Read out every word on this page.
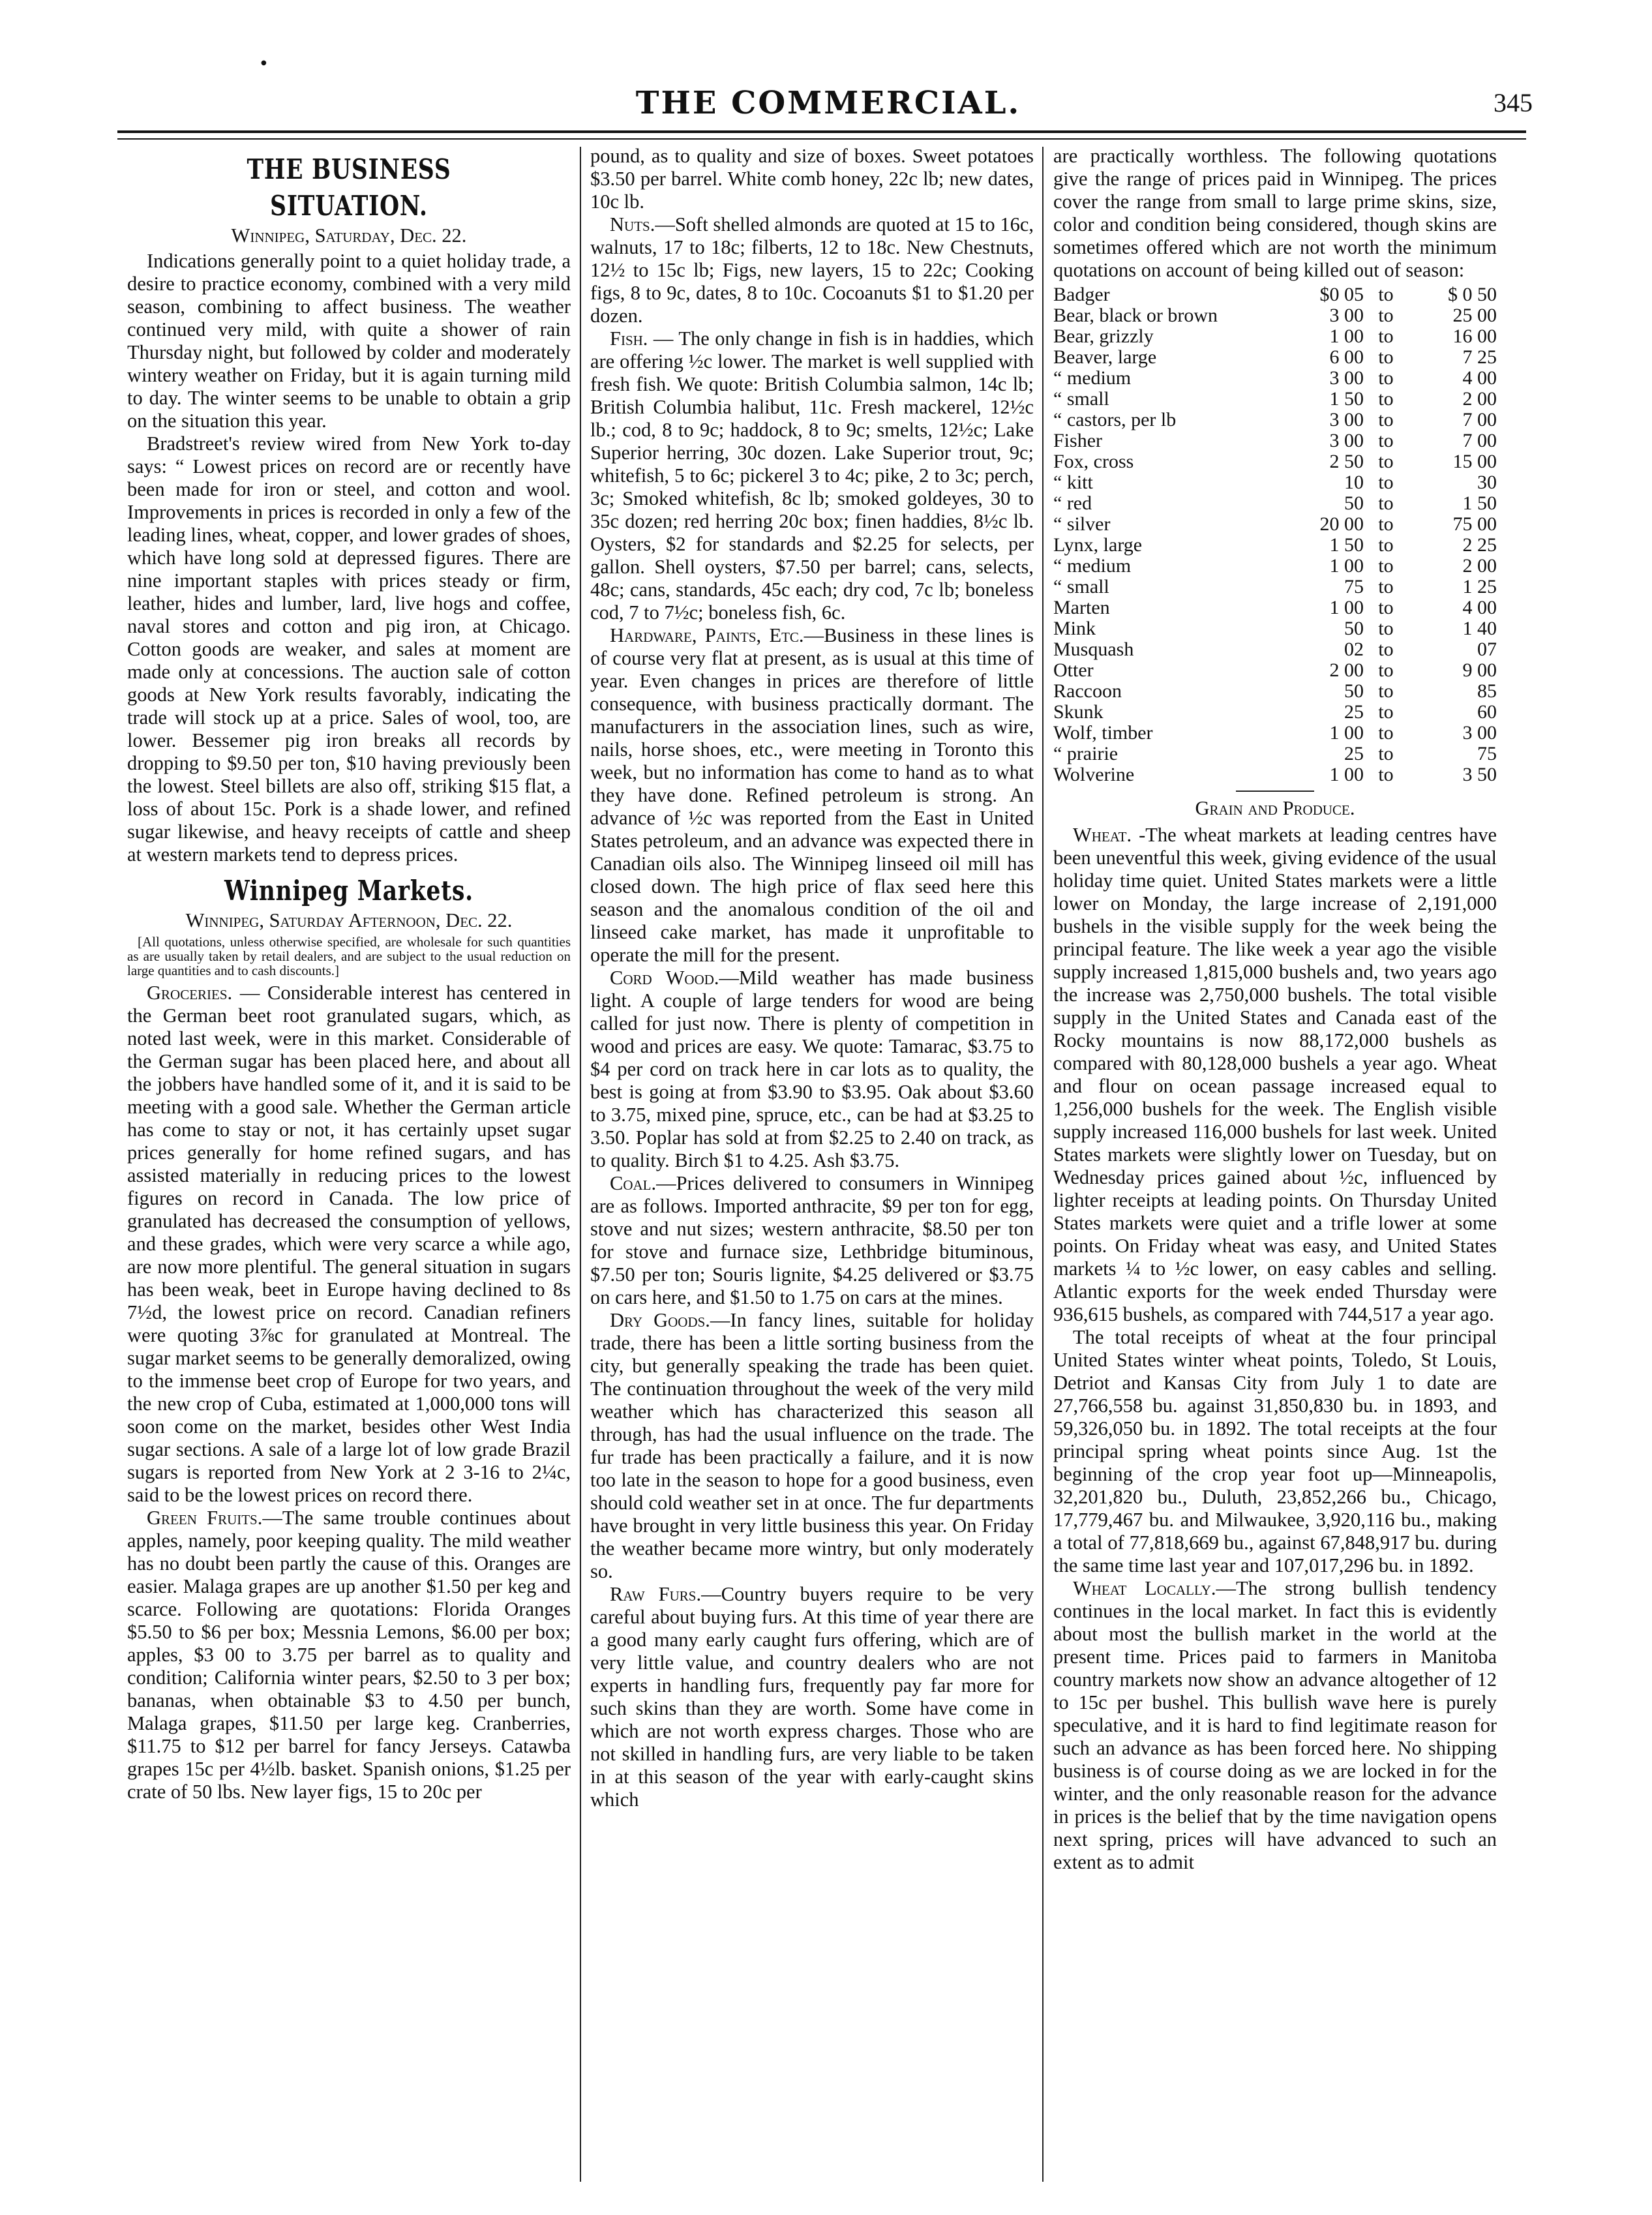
●
THE COMMERCIAL.	345

THE BUSINESS SITUATION.

Winnipeg, Saturday, Dec. 22.

Indications generally point to a quiet holiday trade, a desire to practice economy, combined with a very mild season, combining to affect business. The weather continued very mild, with quite a shower of rain Thursday night, but followed by colder and moderately wintery weather on Friday, but it is again turning mild to day. The winter seems to be unable to obtain a grip on the situation this year.

Bradstreet's review wired from New York to-day says: “ Lowest prices on record are or recently have been made for iron or steel, and cotton and wool. Improvements in prices is recorded in only a few of the leading lines, wheat, copper, and lower grades of shoes, which have long sold at depressed figures. There are nine important staples with prices steady or firm, leather, hides and lumber, lard, live hogs and coffee, naval stores and cotton and pig iron, at Chicago. Cotton goods are weaker, and sales at moment are made only at concessions. The auction sale of cotton goods at New York results favorably, indicating the trade will stock up at a price. Sales of wool, too, are lower. Bessemer pig iron breaks all records by dropping to $9.50 per ton, $10 having previously been the lowest. Steel billets are also off, striking $15 flat, a loss of about 15c. Pork is a shade lower, and refined sugar likewise, and heavy receipts of cattle and sheep at western markets tend to depress prices.

Winnipeg Markets.

Winnipeg, Saturday Afternoon, Dec. 22.

[All quotations, unless otherwise specified, are wholesale for such quantities as are usually taken by retail dealers, and are subject to the usual reduction on large quantities and to cash discounts.]

Groceries. — Considerable interest has centered in the German beet root granulated sugars, which, as noted last week, were in this market. Considerable of the German sugar has been placed here, and about all the jobbers have handled some of it, and it is said to be meeting with a good sale. Whether the German article has come to stay or not, it has certainly upset sugar prices generally for home refined sugars, and has assisted materially in reducing prices to the lowest figures on record in Canada. The low price of granulated has decreased the consumption of yellows, and these grades, which were very scarce a while ago, are now more plentiful. The general situation in sugars has been weak, beet in Europe having declined to 8s 7½d, the lowest price on record. Canadian refiners were quoting 3⅞c for granulated at Montreal. The sugar market seems to be generally demoralized, owing to the immense beet crop of Europe for two years, and the new crop of Cuba, estimated at 1,000,000 tons will soon come on the market, besides other West India sugar sections. A sale of a large lot of low grade Brazil sugars is reported from New York at 2 3-16 to 2¼c, said to be the lowest prices on record there.

Green Fruits.—The same trouble continues about apples, namely, poor keeping quality. The mild weather has no doubt been partly the cause of this. Oranges are easier. Malaga grapes are up another $1.50 per keg and scarce. Following are quotations: Florida Oranges $5.50 to $6 per box; Messnia Lemons, $6.00 per box; apples, $3 00 to 3.75 per barrel as to quality and condition; California winter pears, $2.50 to 3 per box; bananas, when obtainable $3 to 4.50 per bunch, Malaga grapes, $11.50 per large keg. Cranberries, $11.75 to $12 per barrel for fancy Jerseys. Catawba grapes 15c per 4½lb. basket. Spanish onions, $1.25 per crate of 50 lbs. New layer figs, 15 to 20c per

pound, as to quality and size of boxes. Sweet potatoes $3.50 per barrel. White comb honey, 22c lb; new dates, 10c lb.

Nuts.—Soft shelled almonds are quoted at 15 to 16c, walnuts, 17 to 18c; filberts, 12 to 18c. New Chestnuts, 12½ to 15c lb; Figs, new layers, 15 to 22c; Cooking figs, 8 to 9c, dates, 8 to 10c. Cocoanuts $1 to $1.20 per dozen.

Fish. — The only change in fish is in haddies, which are offering ½c lower. The market is well supplied with fresh fish. We quote: British Columbia salmon, 14c lb; British Columbia halibut, 11c. Fresh mackerel, 12½c lb.; cod, 8 to 9c; haddock, 8 to 9c; smelts, 12½c; Lake Superior herring, 30c dozen. Lake Superior trout, 9c; whitefish, 5 to 6c; pickerel 3 to 4c; pike, 2 to 3c; perch, 3c; Smoked whitefish, 8c lb; smoked goldeyes, 30 to 35c dozen; red herring 20c box; finen haddies, 8½c lb. Oysters, $2 for standards and $2.25 for selects, per gallon. Shell oysters, $7.50 per barrel; cans, selects, 48c; cans, standards, 45c each; dry cod, 7c lb; boneless cod, 7 to 7½c; boneless fish, 6c.

Hardware, Paints, Etc.—Business in these lines is of course very flat at present, as is usual at this time of year. Even changes in prices are therefore of little consequence, with business practically dormant. The manufacturers in the association lines, such as wire, nails, horse shoes, etc., were meeting in Toronto this week, but no information has come to hand as to what they have done. Refined petroleum is strong. An advance of ½c was reported from the East in United States petroleum, and an advance was expected there in Canadian oils also. The Winnipeg linseed oil mill has closed down. The high price of flax seed here this season and the anomalous condition of the oil and linseed cake market, has made it unprofitable to operate the mill for the present.

Cord Wood.—Mild weather has made business light. A couple of large tenders for wood are being called for just now. There is plenty of competition in wood and prices are easy. We quote: Tamarac, $3.75 to $4 per cord on track here in car lots as to quality, the best is going at from $3.90 to $3.95. Oak about $3.60 to 3.75, mixed pine, spruce, etc., can be had at $3.25 to 3.50. Poplar has sold at from $2.25 to 2.40 on track, as to quality. Birch $1 to 4.25. Ash $3.75.

Coal.—Prices delivered to consumers in Winnipeg are as follows. Imported anthracite, $9 per ton for egg, stove and nut sizes; western anthracite, $8.50 per ton for stove and furnace size, Lethbridge bituminous, $7.50 per ton; Souris lignite, $4.25 delivered or $3.75 on cars here, and $1.50 to 1.75 on cars at the mines.

Dry Goods.—In fancy lines, suitable for holiday trade, there has been a little sorting business from the city, but generally speaking the trade has been quiet. The continuation throughout the week of the very mild weather which has characterized this season all through, has had the usual influence on the trade. The fur trade has been practically a failure, and it is now too late in the season to hope for a good business, even should cold weather set in at once. The fur departments have brought in very little business this year. On Friday the weather became more wintry, but only moderately so.

Raw Furs.—Country buyers require to be very careful about buying furs. At this time of year there are a good many early caught furs offering, which are of very little value, and country dealers who are not experts in handling furs, frequently pay far more for such skins than they are worth. Some have come in which are not worth express charges. Those who are not skilled in handling furs, are very liable to be taken in at this season of the year with early-caught skins which

are practically worthless. The following quotations give the range of prices paid in Winnipeg. The prices cover the range from small to large prime skins, size, color and condition being considered, though skins are sometimes offered which are not worth the minimum quotations on account of being killed out of season:

Badger	$0 05	to	$ 0 50
Bear, black or brown	3 00	to	25 00
Bear, grizzly	1 00	to	16 00
Beaver, large	6 00	to	7 25
“ medium	3 00	to	4 00
“ small	1 50	to	2 00
“ castors, per lb	3 00	to	7 00
Fisher	3 00	to	7 00
Fox, cross	2 50	to	15 00
“ kitt	10	to	30
“ red	50	to	1 50
“ silver	20 00	to	75 00
Lynx, large	1 50	to	2 25
“ medium	1 00	to	2 00
“ small	75	to	1 25
Marten	1 00	to	4 00
Mink	50	to	1 40
Musquash	02	to	07
Otter	2 00	to	9 00
Raccoon	50	to	85
Skunk	25	to	60
Wolf, timber	1 00	to	3 00
“ prairie	25	to	75
Wolverine	1 00	to	3 50

Grain and Produce.

Wheat. -The wheat markets at leading centres have been uneventful this week, giving evidence of the usual holiday time quiet. United States markets were a little lower on Monday, the large increase of 2,191,000 bushels in the visible supply for the week being the principal feature. The like week a year ago the visible supply increased 1,815,000 bushels and, two years ago the increase was 2,750,000 bushels. The total visible supply in the United States and Canada east of the Rocky mountains is now 88,172,000 bushels as compared with 80,128,000 bushels a year ago. Wheat and flour on ocean passage increased equal to 1,256,000 bushels for the week. The English visible supply increased 116,000 bushels for last week. United States markets were slightly lower on Tuesday, but on Wednesday prices gained about ½c, influenced by lighter receipts at leading points. On Thursday United States markets were quiet and a trifle lower at some points. On Friday wheat was easy, and United States markets ¼ to ½c lower, on easy cables and selling. Atlantic exports for the week ended Thursday were 936,615 bushels, as compared with 744,517 a year ago.

The total receipts of wheat at the four principal United States winter wheat points, Toledo, St Louis, Detriot and Kansas City from July 1 to date are 27,766,558 bu. against 31,850,830 bu. in 1893, and 59,326,050 bu. in 1892. The total receipts at the four principal spring wheat points since Aug. 1st the beginning of the crop year foot up—Minneapolis, 32,201,820 bu., Duluth, 23,852,266 bu., Chicago, 17,779,467 bu. and Milwaukee, 3,920,116 bu., making a total of 77,818,669 bu., against 67,848,917 bu. during the same time last year and 107,017,296 bu. in 1892.

Wheat Locally.—The strong bullish tendency continues in the local market. In fact this is evidently about most the bullish market in the world at the present time. Prices paid to farmers in Manitoba country markets now show an advance altogether of 12 to 15c per bushel. This bullish wave here is purely speculative, and it is hard to find legitimate reason for such an advance as has been forced here. No shipping business is of course doing as we are locked in for the winter, and the only reasonable reason for the advance in prices is the belief that by the time navigation opens next spring, prices will have advanced to such an extent as to admit
